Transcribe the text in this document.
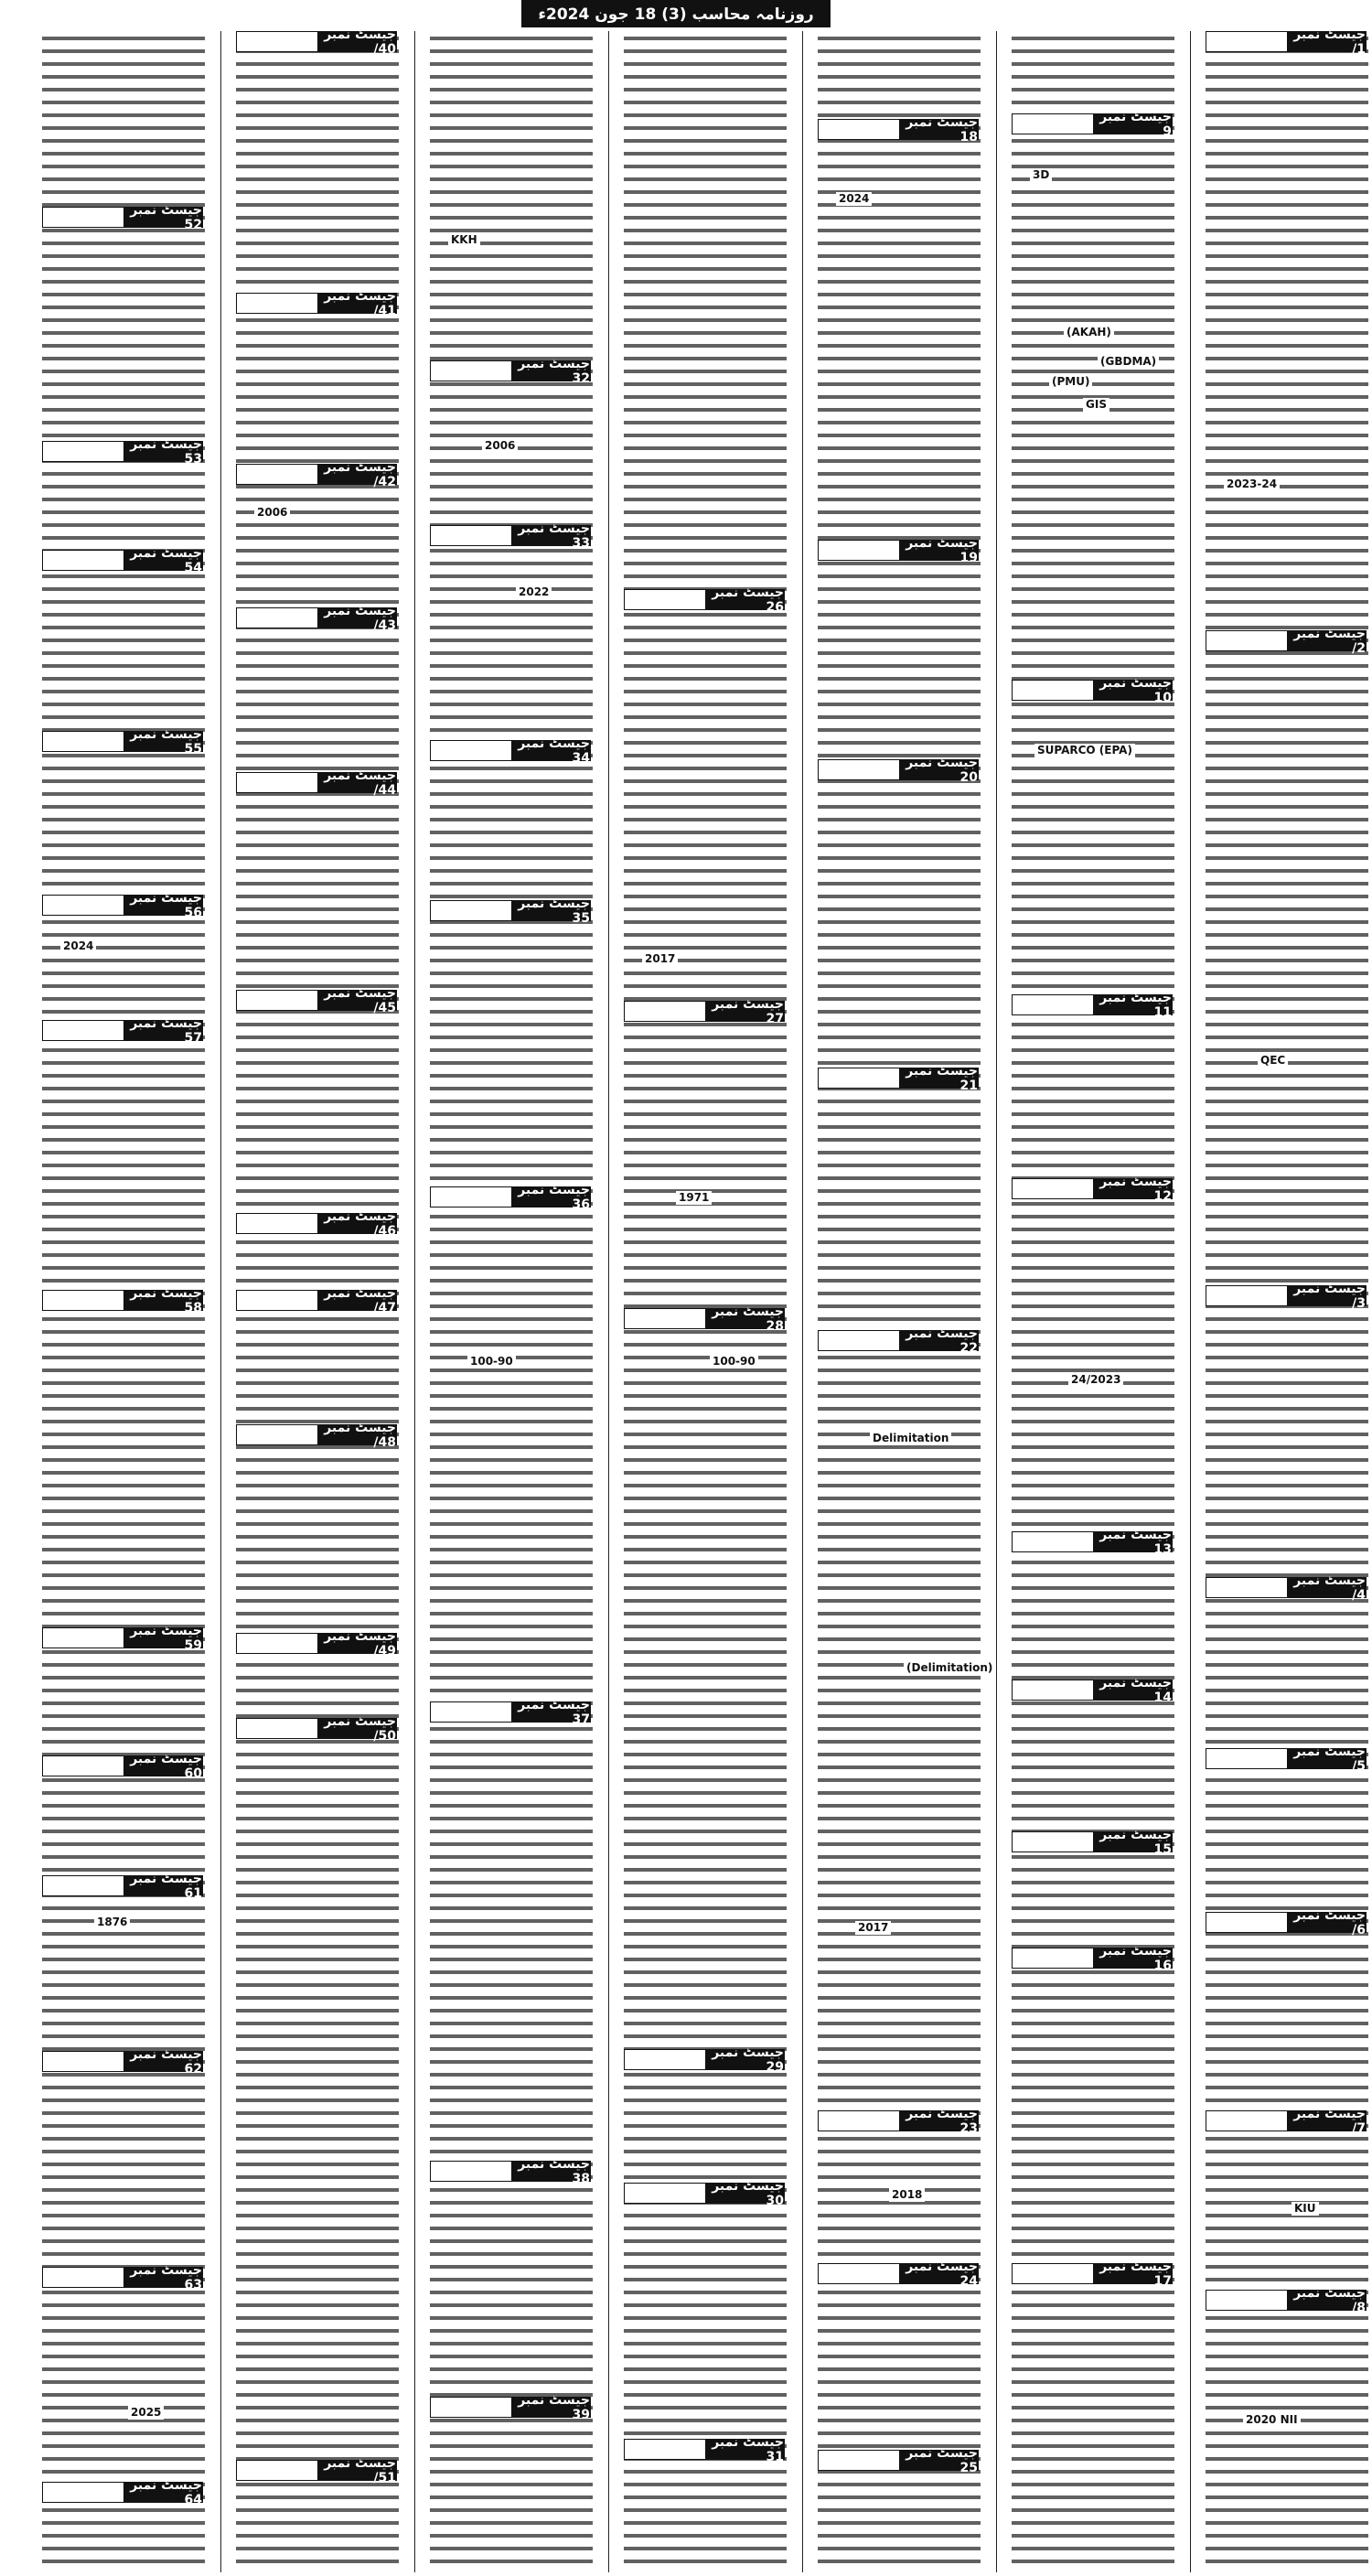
روزنامہ محاسب (3) 18 جون 2024ء
جیسٹ نمبر 1/
جیسٹ نمبر 2/
جیسٹ نمبر 3/
جیسٹ نمبر 4/
جیسٹ نمبر 5/
جیسٹ نمبر 6/
جیسٹ نمبر 7/
جیسٹ نمبر 8/
2023-24
QEC
KIU
2020 NII
جیسٹ نمبر 9
جیسٹ نمبر 10
جیسٹ نمبر 11
جیسٹ نمبر 12
جیسٹ نمبر 13
جیسٹ نمبر 14
جیسٹ نمبر 15
جیسٹ نمبر 16
جیسٹ نمبر 17
3D
(AKAH)
(GBDMA)
(PMU)
GIS
SUPARCO (EPA)
24/2023
جیسٹ نمبر 18
جیسٹ نمبر 19
جیسٹ نمبر 20
جیسٹ نمبر 21
جیسٹ نمبر 22
جیسٹ نمبر 23
جیسٹ نمبر 24
جیسٹ نمبر 25
2024
Delimitation
(Delimitation)
2017
2018
جیسٹ نمبر 26
جیسٹ نمبر 27
جیسٹ نمبر 28
جیسٹ نمبر 29
جیسٹ نمبر 30
جیسٹ نمبر 31
2017
1971
100-90
جیسٹ نمبر 32
جیسٹ نمبر 33
جیسٹ نمبر 34
جیسٹ نمبر 35
جیسٹ نمبر 36
جیسٹ نمبر 37
جیسٹ نمبر 38
جیسٹ نمبر 39
KKH
2006
2022
100-90
جیسٹ نمبر 40/
جیسٹ نمبر 41/
جیسٹ نمبر 42/
جیسٹ نمبر 43/
جیسٹ نمبر 44/
جیسٹ نمبر 45/
جیسٹ نمبر 46/
جیسٹ نمبر 47/
جیسٹ نمبر 48/
جیسٹ نمبر 49/
جیسٹ نمبر 50/
جیسٹ نمبر 51/
2006
جیسٹ نمبر 52
جیسٹ نمبر 53
جیسٹ نمبر 54
جیسٹ نمبر 55
جیسٹ نمبر 56
جیسٹ نمبر 57
جیسٹ نمبر 58
جیسٹ نمبر 59
جیسٹ نمبر 60
جیسٹ نمبر 61
جیسٹ نمبر 62
جیسٹ نمبر 63
جیسٹ نمبر 64
2024
1876
2025
